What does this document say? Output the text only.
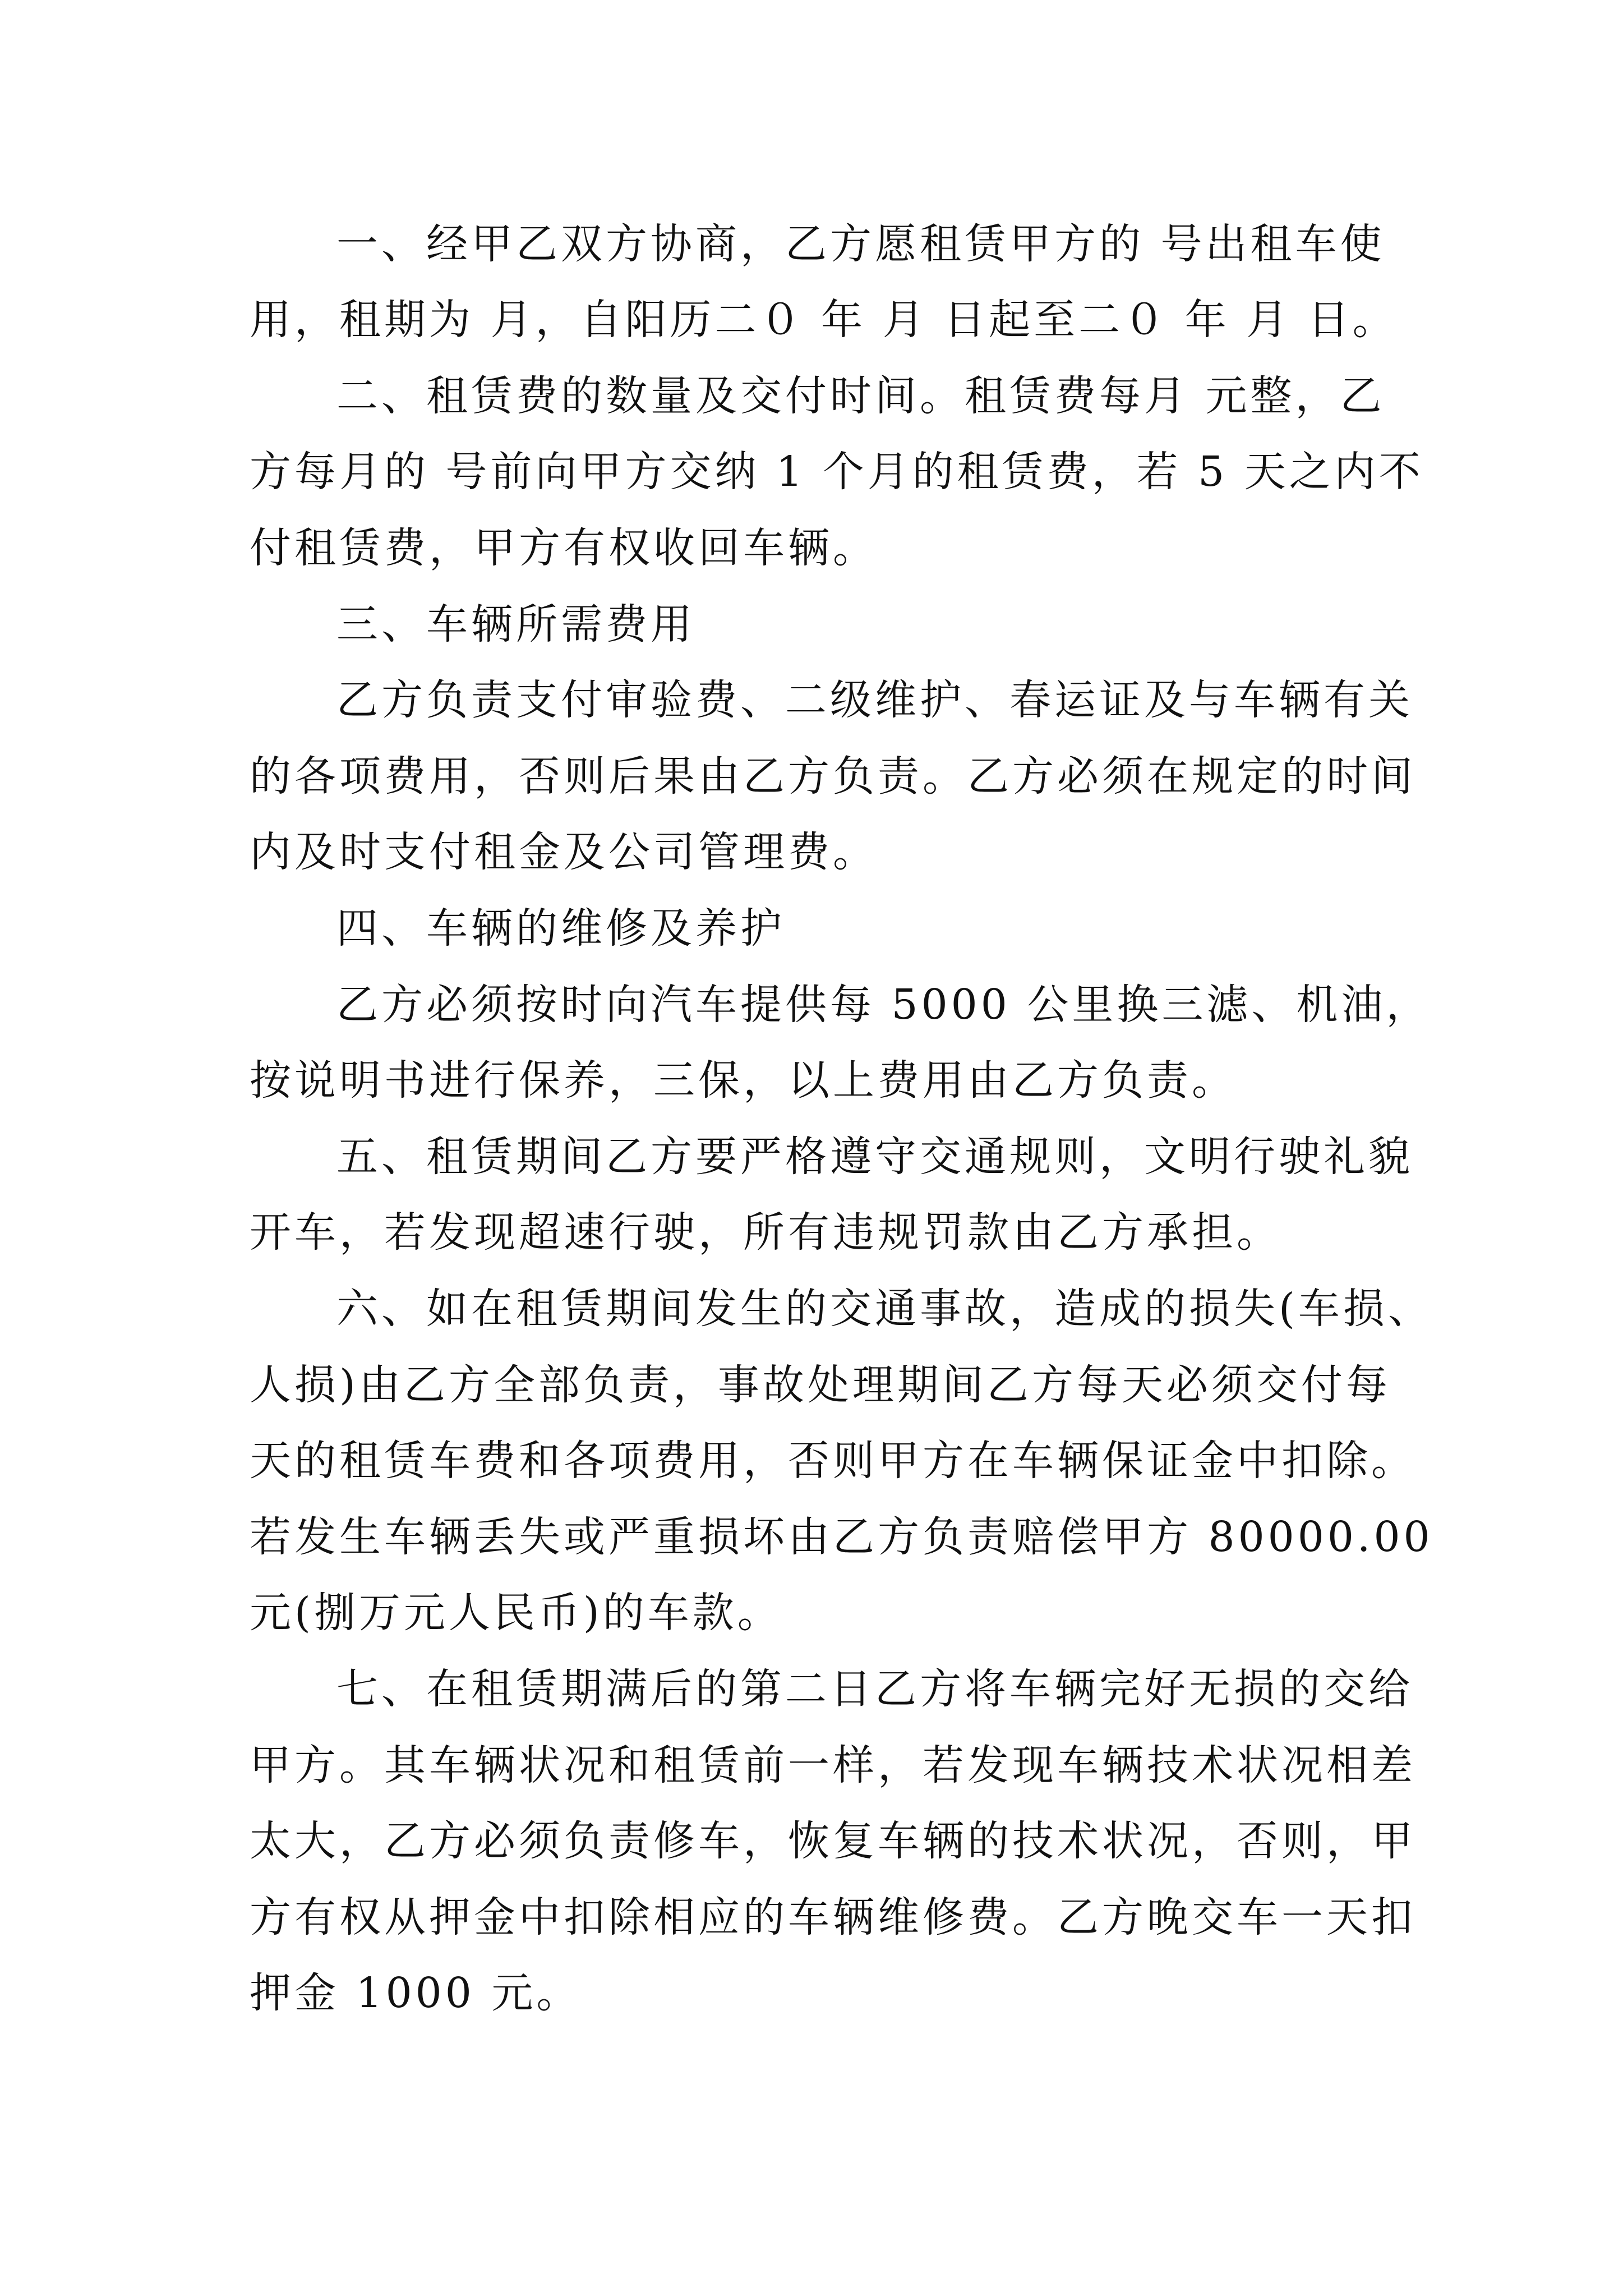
一、经甲乙双方协商，乙方愿租赁甲方的 号出租车使
用，租期为 月，自阳历二０ 年 月 日起至二０ 年 月 日。
二、租赁费的数量及交付时间。租赁费每月 元整，乙
方每月的 号前向甲方交纳 1 个月的租赁费，若 5 天之内不
付租赁费，甲方有权收回车辆。
三、车辆所需费用
乙方负责支付审验费、二级维护、春运证及与车辆有关
的各项费用，否则后果由乙方负责。乙方必须在规定的时间
内及时支付租金及公司管理费。
四、车辆的维修及养护
乙方必须按时向汽车提供每 5000 公里换三滤、机油，
按说明书进行保养，三保，以上费用由乙方负责。
五、租赁期间乙方要严格遵守交通规则，文明行驶礼貌
开车，若发现超速行驶，所有违规罚款由乙方承担。
六、如在租赁期间发生的交通事故，造成的损失(车损、
人损)由乙方全部负责，事故处理期间乙方每天必须交付每
天的租赁车费和各项费用，否则甲方在车辆保证金中扣除。
若发生车辆丢失或严重损坏由乙方负责赔偿甲方 80000.00
元(捌万元人民币)的车款。
七、在租赁期满后的第二日乙方将车辆完好无损的交给
甲方。其车辆状况和租赁前一样，若发现车辆技术状况相差
太大，乙方必须负责修车，恢复车辆的技术状况，否则，甲
方有权从押金中扣除相应的车辆维修费。乙方晚交车一天扣
押金 1000 元。
